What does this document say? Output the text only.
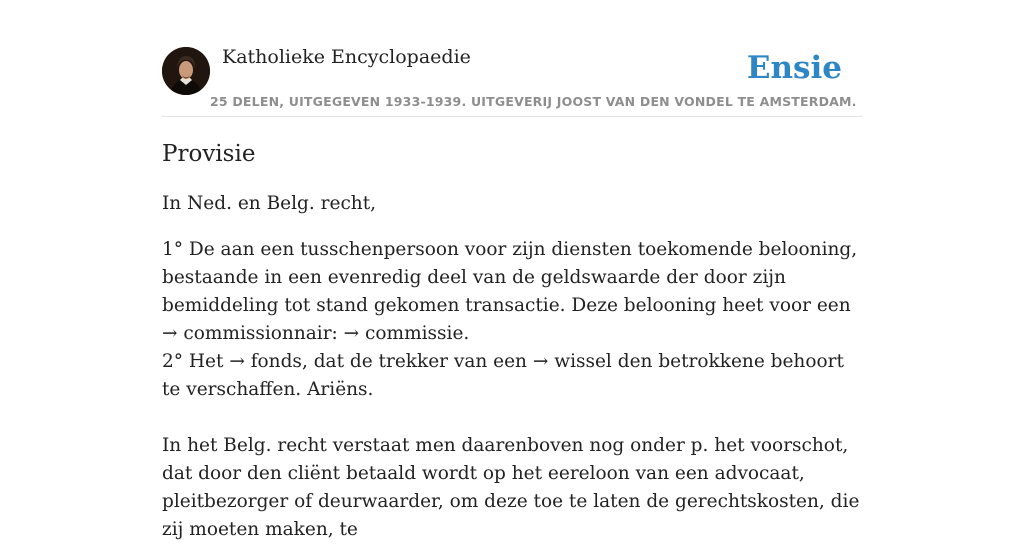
Katholieke Encyclopaedie	Ensie
25 DELEN, UITGEGEVEN 1933-1939. UITGEVERIJ JOOST VAN DEN VONDEL TE AMSTERDAM.
Provisie
In Ned. en Belg. recht,

1° De aan een tusschenpersoon voor zijn diensten toekomende belooning, bestaande in een evenredig deel van de geldswaarde der door zijn bemiddeling tot stand gekomen transactie. Deze belooning heet voor een → commissionnair: → commissie.

2° Het → fonds, dat de trekker van een → wissel den betrokkene behoort te verschaffen. Ariëns.

In het Belg. recht verstaat men daarenboven nog onder p. het voorschot, dat door den cliënt betaald wordt op het eereloon van een advocaat, pleitbezorger of deurwaarder, om deze toe te laten de gerechtskosten, die zij moeten maken, te
